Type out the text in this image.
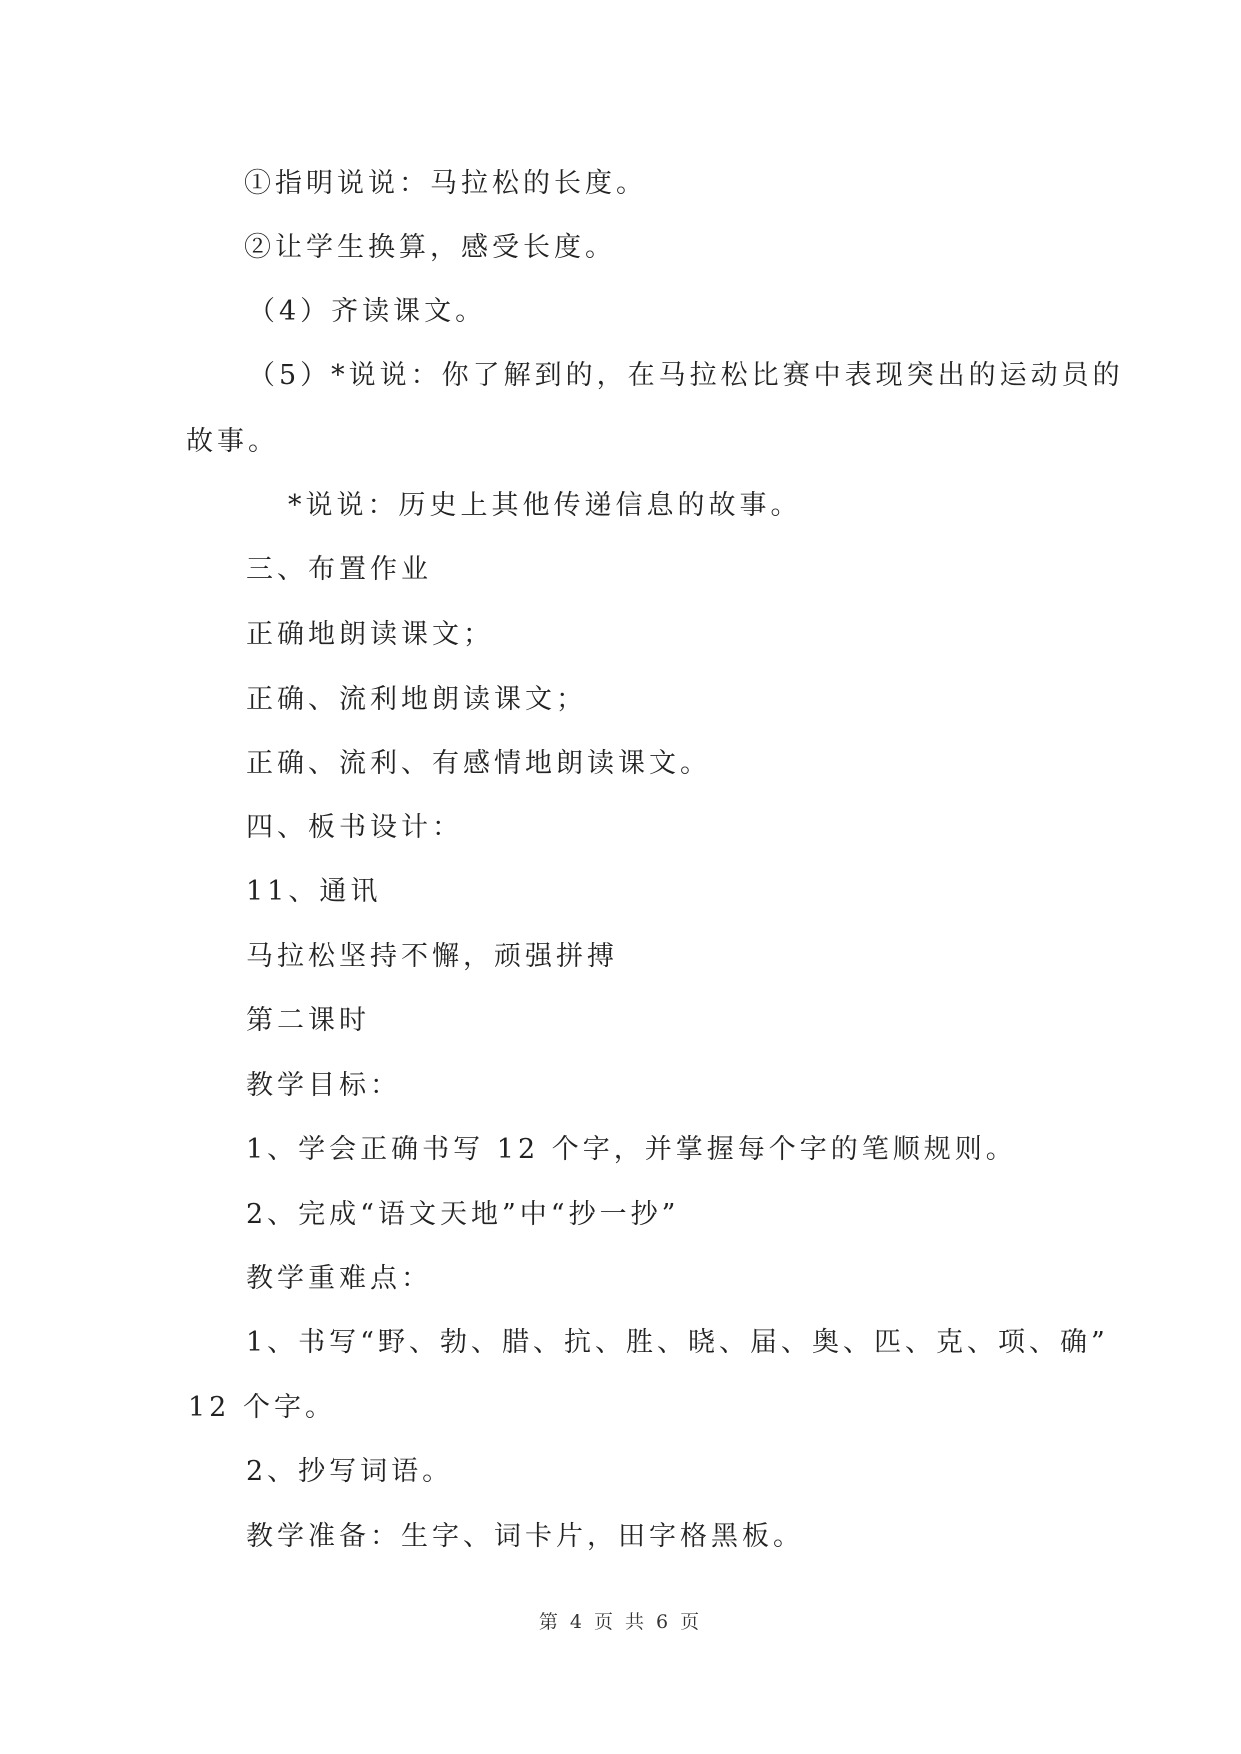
①指明说说：马拉松的长度。
②让学生换算，感受长度。
（4）齐读课文。
（5）*说说：你了解到的，在马拉松比赛中表现突出的运动员的
故事。
*说说：历史上其他传递信息的故事。
三、布置作业
正确地朗读课文；
正确、流利地朗读课文；
正确、流利、有感情地朗读课文。
四、板书设计：
11、通讯
马拉松坚持不懈，顽强拼搏
第二课时
教学目标：
1、学会正确书写 12 个字，并掌握每个字的笔顺规则。
2、完成“语文天地”中“抄一抄”
教学重难点：
1、书写“野、勃、腊、抗、胜、晓、届、奥、匹、克、项、确”
12 个字。
2、抄写词语。
教学准备：生字、词卡片，田字格黑板。
第 4 页 共 6 页
